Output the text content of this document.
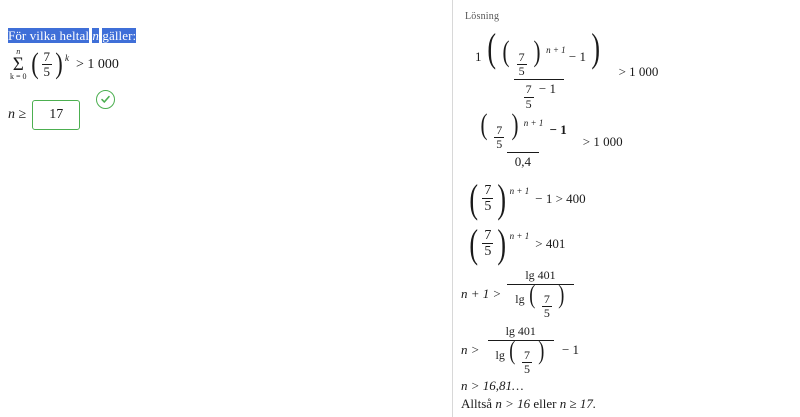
För vilka heltal n gäller:
n
Σ
k = 0 ( $\frac{7}{5}$ ) k > 1 000
n ≥	17
Lösning
1 ( ( $\frac{7}{5}$ ) $^{n + 1}$ − 1 )
$\frac{7}{5} - 1$
> 1 000
( $\frac{7}{5}$ ) $^{n + 1}$ − 1
0,4
> 1 000
( $\frac{7}{5}$ ) n + 1 − 1 > 400
( $\frac{7}{5}$ ) n + 1 > 401
n + 1 >
lg 401
lg ( $\frac{7}{5}$ )
n >
lg 401
lg ( $\frac{7}{5}$ )	− 1
n > 16,81…
Alltså n > 16 eller n ≥ 17.
